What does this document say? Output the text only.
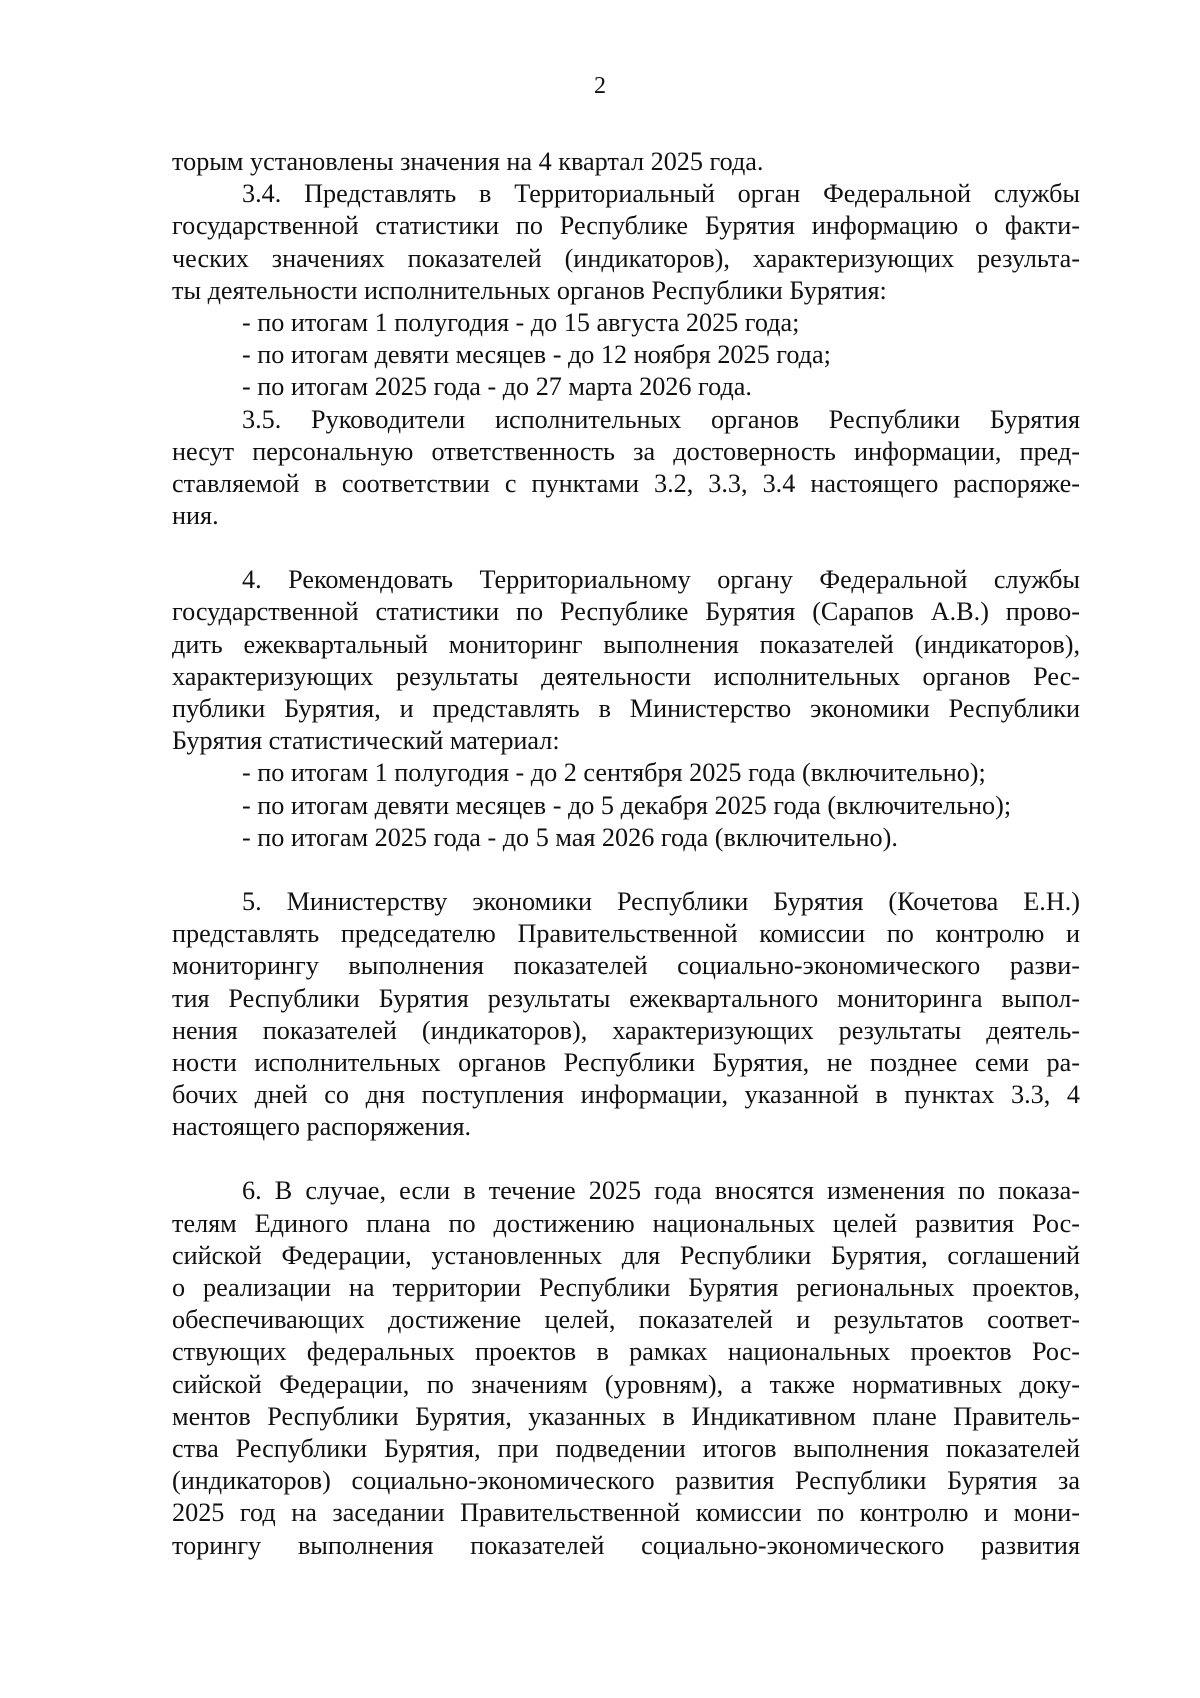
2
торым установлены значения на 4 квартал 2025 года.
3.4. Представлять в Территориальный орган Федеральной службы
государственной статистики по Республике Бурятия информацию о факти-
ческих значениях показателей (индикаторов), характеризующих результа-
ты деятельности исполнительных органов Республики Бурятия:
- по итогам 1 полугодия - до 15 августа 2025 года;
- по итогам девяти месяцев - до 12 ноября 2025 года;
- по итогам 2025 года - до 27 марта 2026 года.
3.5. Руководители исполнительных органов Республики Бурятия
несут персональную ответственность за достоверность информации, пред-
ставляемой в соответствии с пунктами 3.2, 3.3, 3.4 настоящего распоряже-
ния.
4. Рекомендовать Территориальному органу Федеральной службы
государственной статистики по Республике Бурятия (Сарапов А.В.) прово-
дить ежеквартальный мониторинг выполнения показателей (индикаторов),
характеризующих результаты деятельности исполнительных органов Рес-
публики Бурятия, и представлять в Министерство экономики Республики
Бурятия статистический материал:
- по итогам 1 полугодия - до 2 сентября 2025 года (включительно);
- по итогам девяти месяцев - до 5 декабря 2025 года (включительно);
- по итогам 2025 года - до 5 мая 2026 года (включительно).
5. Министерству экономики Республики Бурятия (Кочетова Е.Н.)
представлять председателю Правительственной комиссии по контролю и
мониторингу выполнения показателей социально-экономического разви-
тия Республики Бурятия результаты ежеквартального мониторинга выпол-
нения показателей (индикаторов), характеризующих результаты деятель-
ности исполнительных органов Республики Бурятия, не позднее семи ра-
бочих дней со дня поступления информации, указанной в пунктах 3.3, 4
настоящего распоряжения.
6. В случае, если в течение 2025 года вносятся изменения по показа-
телям Единого плана по достижению национальных целей развития Рос-
сийской Федерации, установленных для Республики Бурятия, соглашений
о реализации на территории Республики Бурятия региональных проектов,
обеспечивающих достижение целей, показателей и результатов соответ-
ствующих федеральных проектов в рамках национальных проектов Рос-
сийской Федерации, по значениям (уровням), а также нормативных доку-
ментов Республики Бурятия, указанных в Индикативном плане Правитель-
ства Республики Бурятия, при подведении итогов выполнения показателей
(индикаторов) социально-экономического развития Республики Бурятия за
2025 год на заседании Правительственной комиссии по контролю и мони-
торингу выполнения показателей социально-экономического развития
